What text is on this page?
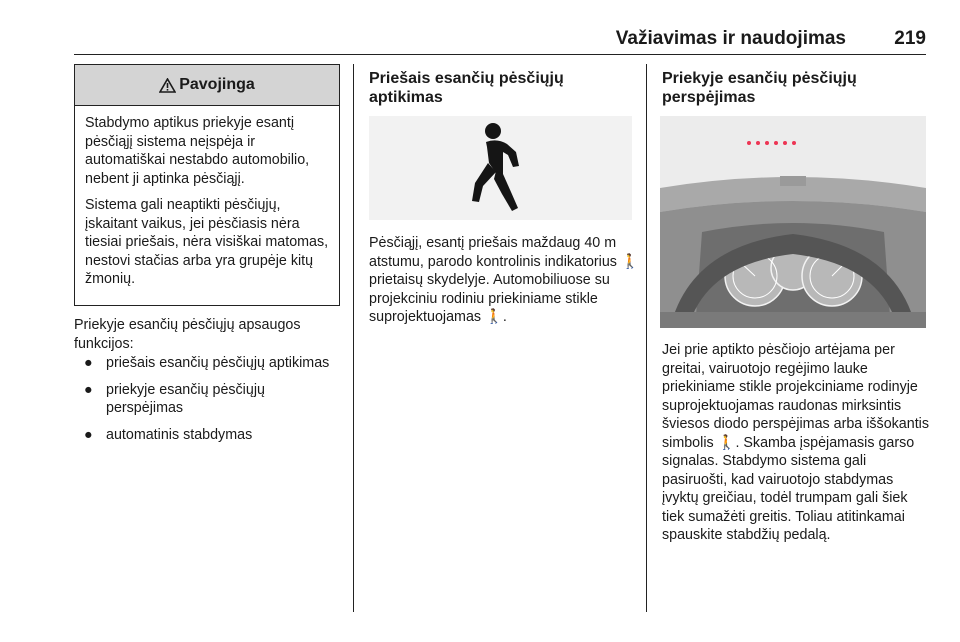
Važiavimas ir naudojimas	219
Pavojinga

Stabdymo aptikus priekyje esantį pėsčiąjį sistema neįspėja ir automatiškai nestabdo automobilio, nebent ji aptinka pėsčiąjį.

Sistema gali neaptikti pėsčiųjų, įskaitant vaikus, jei pėsčiasis nėra tiesiai priešais, nėra visiškai matomas, nestovi stačias arba yra grupėje kitų žmonių.

Priekyje esančių pėsčiųjų apsaugos funkcijos:

● priešais esančių pėsčiųjų aptikimas
● priekyje esančių pėsčiųjų perspėjimas
● automatinis stabdymas
Priešais esančių pėsčiųjų aptikimas

Pėsčiąjį, esantį priešais maždaug 40 m atstumu, parodo kontrolinis indikatorius 🚶 prietaisų skydelyje. Automobiliuose su projekciniu rodiniu priekiniame stikle suprojektuojamas 🚶.

Priekyje esančių pėsčiųjų perspėjimas

Jei prie aptikto pėsčiojo artėjama per greitai, vairuotojo regėjimo lauke priekiniame stikle projekciniame rodinyje suprojektuojamas raudonas mirksintis šviesos diodo perspėjimas arba iššokantis simbolis 🚶. Skamba įspėjamasis garso signalas. Stabdymo sistema gali pasiruošti, kad vairuotojo stabdymas įvyktų greičiau, todėl trumpam gali šiek tiek sumažėti greitis. Toliau atitinkamai spauskite stabdžių pedalą.
